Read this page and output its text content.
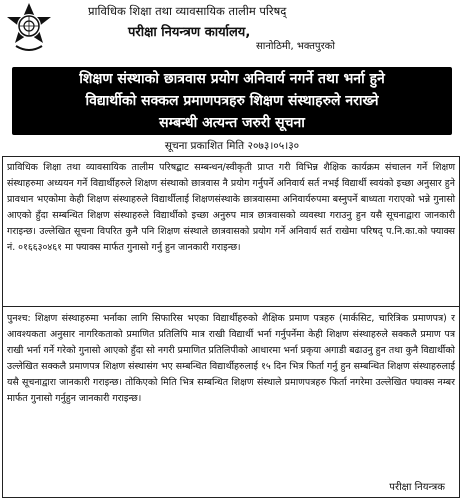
प्राविधिक शिक्षा तथा व्यावसायिक तालीम परिषद्
परीक्षा नियन्त्रण कार्यालय,
सानोठिमी, भक्तपुरको
शिक्षण संस्थाको छात्रवास प्रयोग अनिवार्य नगर्ने तथा भर्ना हुने
विद्यार्थीको सक्कल प्रमाणपत्रहरु शिक्षण संस्थाहरुले नराख्ने
सम्बन्धी अत्यन्त जरुरी सूचना
सूचना प्रकाशित मिति २०७३।०५।३०

प्राविधिक शिक्षा तथा व्यावसायिक तालीम परिषद्बाट सम्बन्धन/स्वीकृती प्राप्त गरी विभिन्न शैक्षिक कार्यक्रम संचालन गर्ने शिक्षण संस्थाहरुमा अध्ययन गर्ने विद्यार्थीहरुले शिक्षण संस्थाको छात्रवास नै प्रयोग गर्नुपर्ने अनिवार्य सर्त नभई विद्यार्थी स्वयंको इच्छा अनुसार हुने प्रावधान भएकोमा केही शिक्षण संस्थाहरुले विद्यार्थीलाई शिक्षणसंस्थाके छात्रवासमा अनिवार्यरुपमा बस्नुपर्ने बाध्यता गराएको भन्ने गुनासो आएको हुँदा सम्बन्धित शिक्षण संस्थाहरुले विद्यार्थीको इच्छा अनुरुप मात्र छात्रवासको व्यवस्था गराउनु हुन यसै सूचनाद्वारा जानकारी गराइन्छ। उल्लेखित सूचना विपरित कुनै पनि शिक्षण संस्थाले छात्रवासको प्रयोग गर्ने अनिवार्य सर्त राखेमा परिषद् प.नि.का.को फ्याक्स नं. ०१६६३०४६१ मा फ्याक्स मार्फत गुनासो गर्नु हुन जानकारी गराइन्छ।

पुनश्च: शिक्षण संस्थाहरुमा भर्नाका लागि सिफारिस भएका विद्यार्थीहरुको शैक्षिक प्रमाण पत्रहरु (मार्कसिट, चारित्रिक प्रमाणपत्र) र आवश्यकता अनुसार नागरिकताको प्रमाणित प्रतिलिपि मात्र राखी विद्यार्थी भर्ना गर्नुपर्नेमा केही शिक्षण संस्थाहरुले सक्कलै प्रमाण पत्र राखी भर्ना गर्ने गरेको गुनासो आएको हुँदा सो नगरी प्रमाणित प्रतिलिपीको आधारमा भर्ना प्रकृया अगाडी बढाउनु हुन तथा कुनै विद्यार्थीको उल्लेखित सक्कलै प्रमाणपत्र शिक्षण संस्थासंग भए सम्बन्धित विद्यार्थीहरुलाई १५ दिन भित्र फिर्ता गर्नु हुन सम्बन्धित शिक्षण संस्थाहरुलाई यसै सूचनाद्वारा जानकारी गराइन्छ। तोकिएको मिति भित्र सम्बन्धित शिक्षण संस्थाले प्रमाणपत्रहरु फिर्ता नगरेमा उल्लेखित फ्याक्स नम्बर मार्फत गुनासो गर्नुहुन जानकारी गराइन्छ।

परीक्षा नियन्त्रक
